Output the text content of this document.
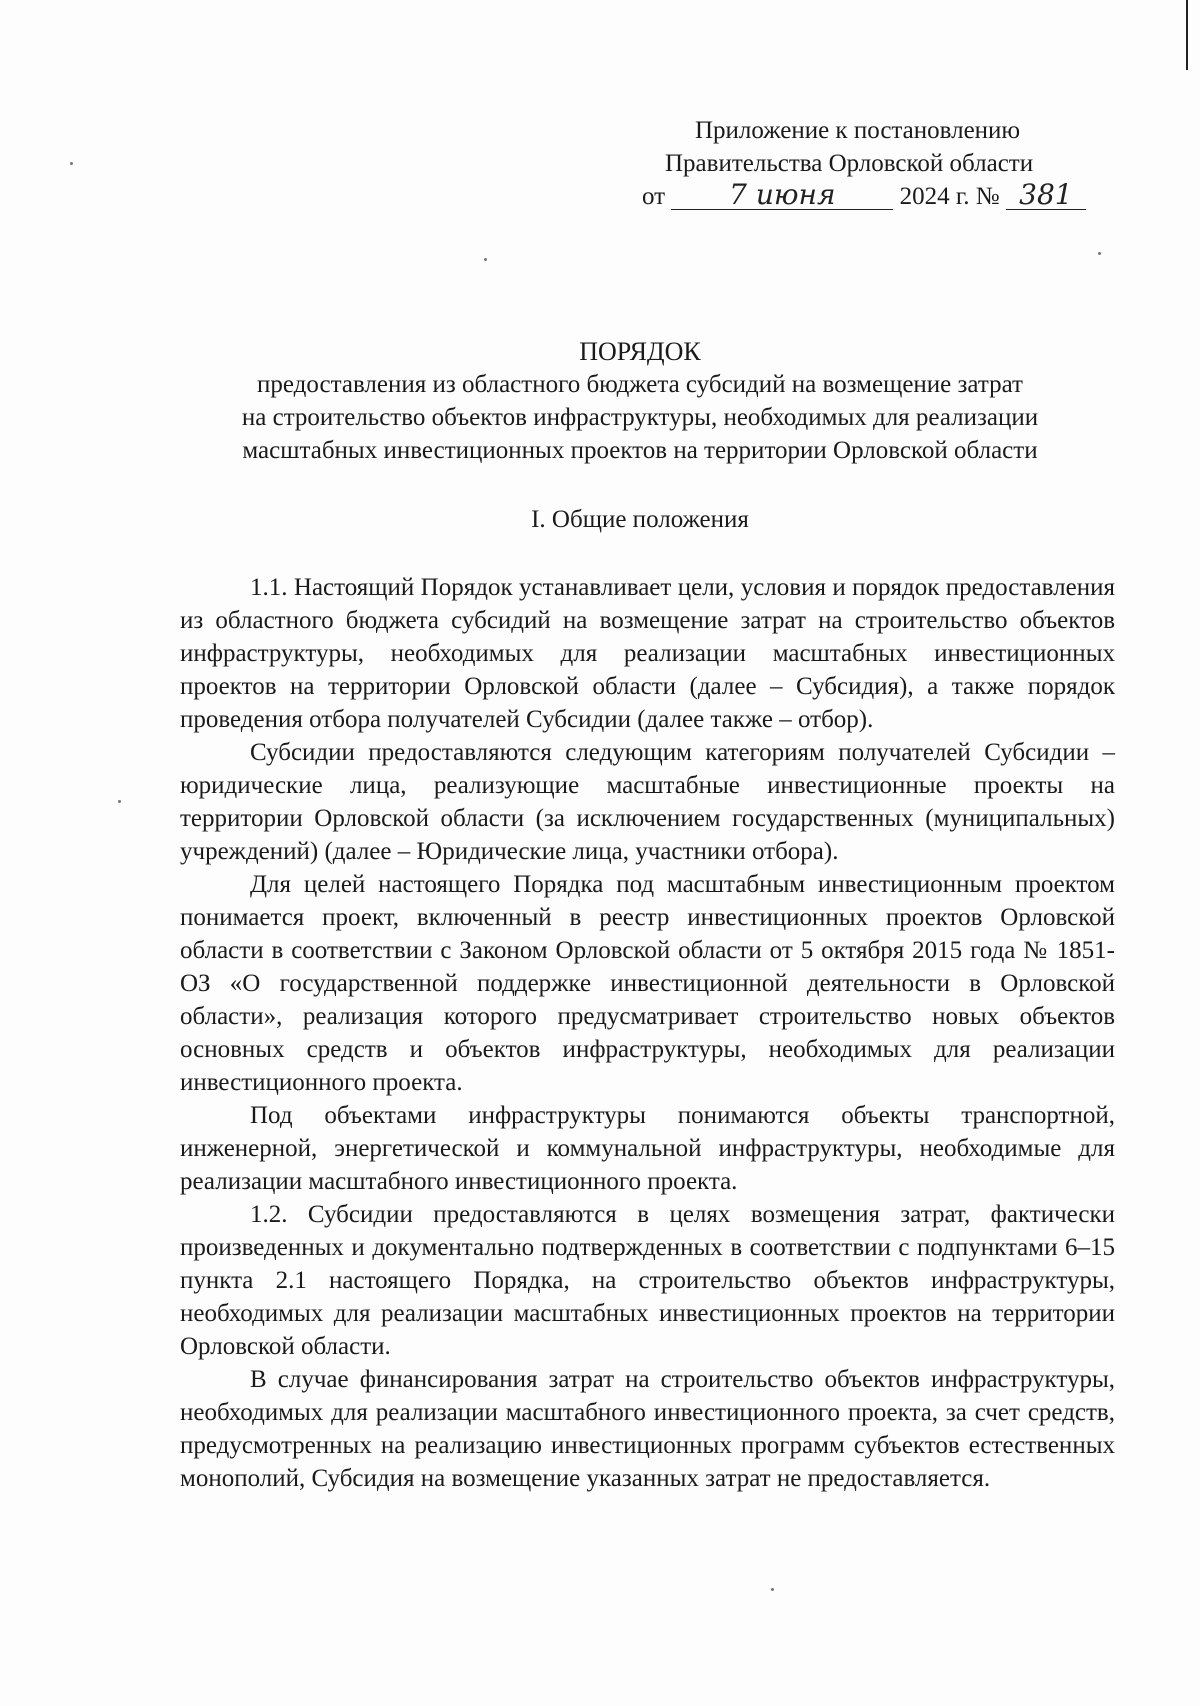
Приложение к постановлению
Правительства Орловской области
от 7 июня	2024 г. № 381
ПОРЯДОК
предоставления из областного бюджета субсидий на возмещение затрат
на строительство объектов инфраструктуры, необходимых для реализации
масштабных инвестиционных проектов на территории Орловской области
I. Общие положения

1.1. Настоящий Порядок устанавливает цели, условия и порядок предоставления из областного бюджета субсидий на возмещение затрат на строительство объектов инфраструктуры, необходимых для реализации масштабных инвестиционных проектов на территории Орловской области (далее – Субсидия), а также порядок проведения отбора получателей Субсидии (далее также – отбор).

Субсидии предоставляются следующим категориям получателей Субсидии – юридические лица, реализующие масштабные инвестиционные проекты на территории Орловской области (за исключением государственных (муниципальных) учреждений) (далее – Юридические лица, участники отбора).

Для целей настоящего Порядка под масштабным инвестиционным проектом понимается проект, включенный в реестр инвестиционных проектов Орловской области в соответствии с Законом Орловской области от 5 октября 2015 года № 1851-ОЗ «О государственной поддержке инвестиционной деятельности в Орловской области», реализация которого предусматривает строительство новых объектов основных средств и объектов инфраструктуры, необходимых для реализации инвестиционного проекта.

Под объектами инфраструктуры понимаются объекты транспортной, инженерной, энергетической и коммунальной инфраструктуры, необходимые для реализации масштабного инвестиционного проекта.

1.2. Субсидии предоставляются в целях возмещения затрат, фактически произведенных и документально подтвержденных в соответствии с подпунктами 6–15 пункта 2.1 настоящего Порядка, на строительство объектов инфраструктуры, необходимых для реализации масштабных инвестиционных проектов на территории Орловской области.

В случае финансирования затрат на строительство объектов инфраструктуры, необходимых для реализации масштабного инвестиционного проекта, за счет средств, предусмотренных на реализацию инвестиционных программ субъектов естественных монополий, Субсидия на возмещение указанных затрат не предоставляется.
